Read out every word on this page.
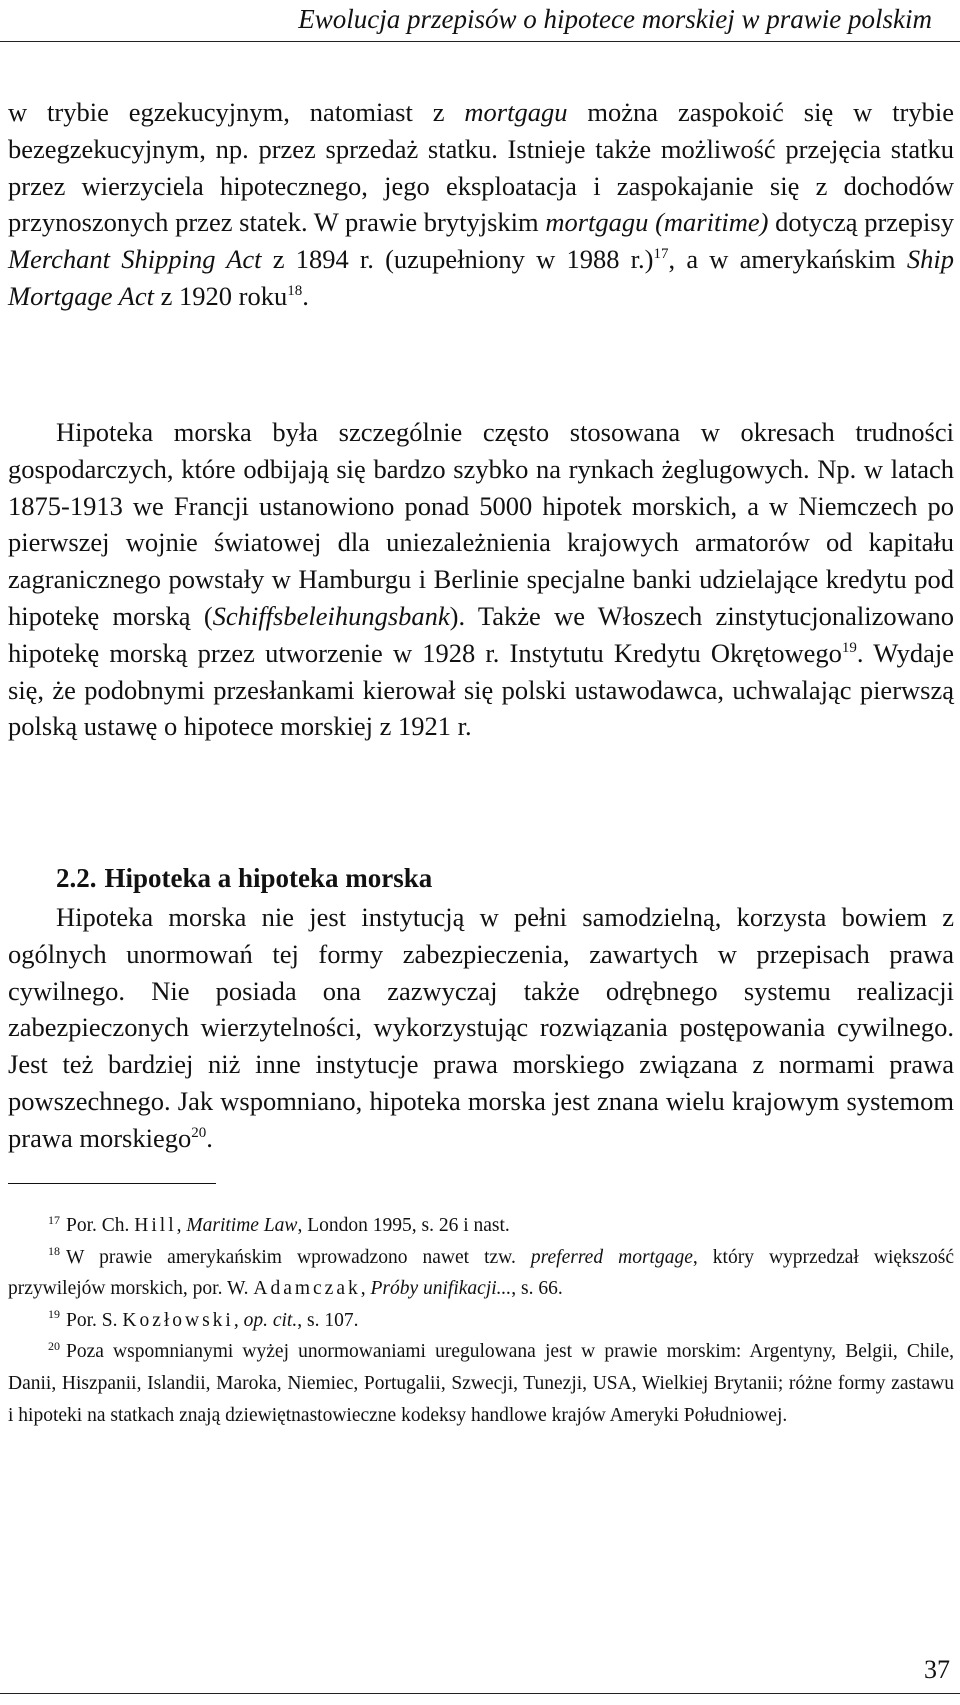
Ewolucja przepisów o hipotece morskiej w prawie polskim

w trybie egzekucyjnym, natomiast z mortgagu można zaspokoić się w trybie bezegzekucyjnym, np. przez sprzedaż statku. Istnieje także możliwość przejęcia statku przez wierzyciela hipotecznego, jego eksploatacja i zaspokajanie się z dochodów przynoszonych przez statek. W prawie brytyjskim mortgagu (maritime) dotyczą przepisy Merchant Shipping Act z 1894 r. (uzupełniony w 1988 r.)$^{17}$, a w amerykańskim Ship Mortgage Act z 1920 roku$^{18}$.

Hipoteka morska była szczególnie często stosowana w okresach trudności gospodarczych, które odbijają się bardzo szybko na rynkach żeglugowych. Np. w latach 1875-1913 we Francji ustanowiono ponad 5000 hipotek morskich, a w Niemczech po pierwszej wojnie światowej dla uniezależnienia krajowych armatorów od kapitału zagranicznego powstały w Hamburgu i Berlinie specjalne banki udzielające kredytu pod hipotekę morską (Schiffsbeleihungsbank). Także we Włoszech zinstytucjonalizowano hipotekę morską przez utworzenie w 1928 r. Instytutu Kredytu Okrętowego$^{19}$. Wydaje się, że podobnymi przesłankami kierował się polski ustawodawca, uchwalając pierwszą polską ustawę o hipotece morskiej z 1921 r.

2.2. Hipoteka a hipoteka morska

Hipoteka morska nie jest instytucją w pełni samodzielną, korzysta bowiem z ogólnych unormowań tej formy zabezpieczenia, zawartych w przepisach prawa cywilnego. Nie posiada ona zazwyczaj także odrębnego systemu realizacji zabezpieczonych wierzytelności, wykorzystując rozwiązania postępowania cywilnego. Jest też bardziej niż inne instytucje prawa morskiego związana z normami prawa powszechnego. Jak wspomniano, hipoteka morska jest znana wielu krajowym systemom prawa morskiego$^{20}$.

$^{17}$ Por. Ch. Hill, Maritime Law, London 1995, s. 26 i nast.

$^{18}$ W prawie amerykańskim wprowadzono nawet tzw. preferred mortgage, który wyprzedzał większość przywilejów morskich, por. W. Adamczak, Próby unifikacji..., s. 66.

$^{19}$ Por. S. Kozłowski, op. cit., s. 107.

$^{20}$ Poza wspomnianymi wyżej unormowaniami uregulowana jest w prawie morskim: Argentyny, Belgii, Chile, Danii, Hiszpanii, Islandii, Maroka, Niemiec, Portugalii, Szwecji, Tunezji, USA, Wielkiej Brytanii; różne formy zastawu i hipoteki na statkach znają dziewiętnastowieczne kodeksy handlowe krajów Ameryki Południowej.

37
